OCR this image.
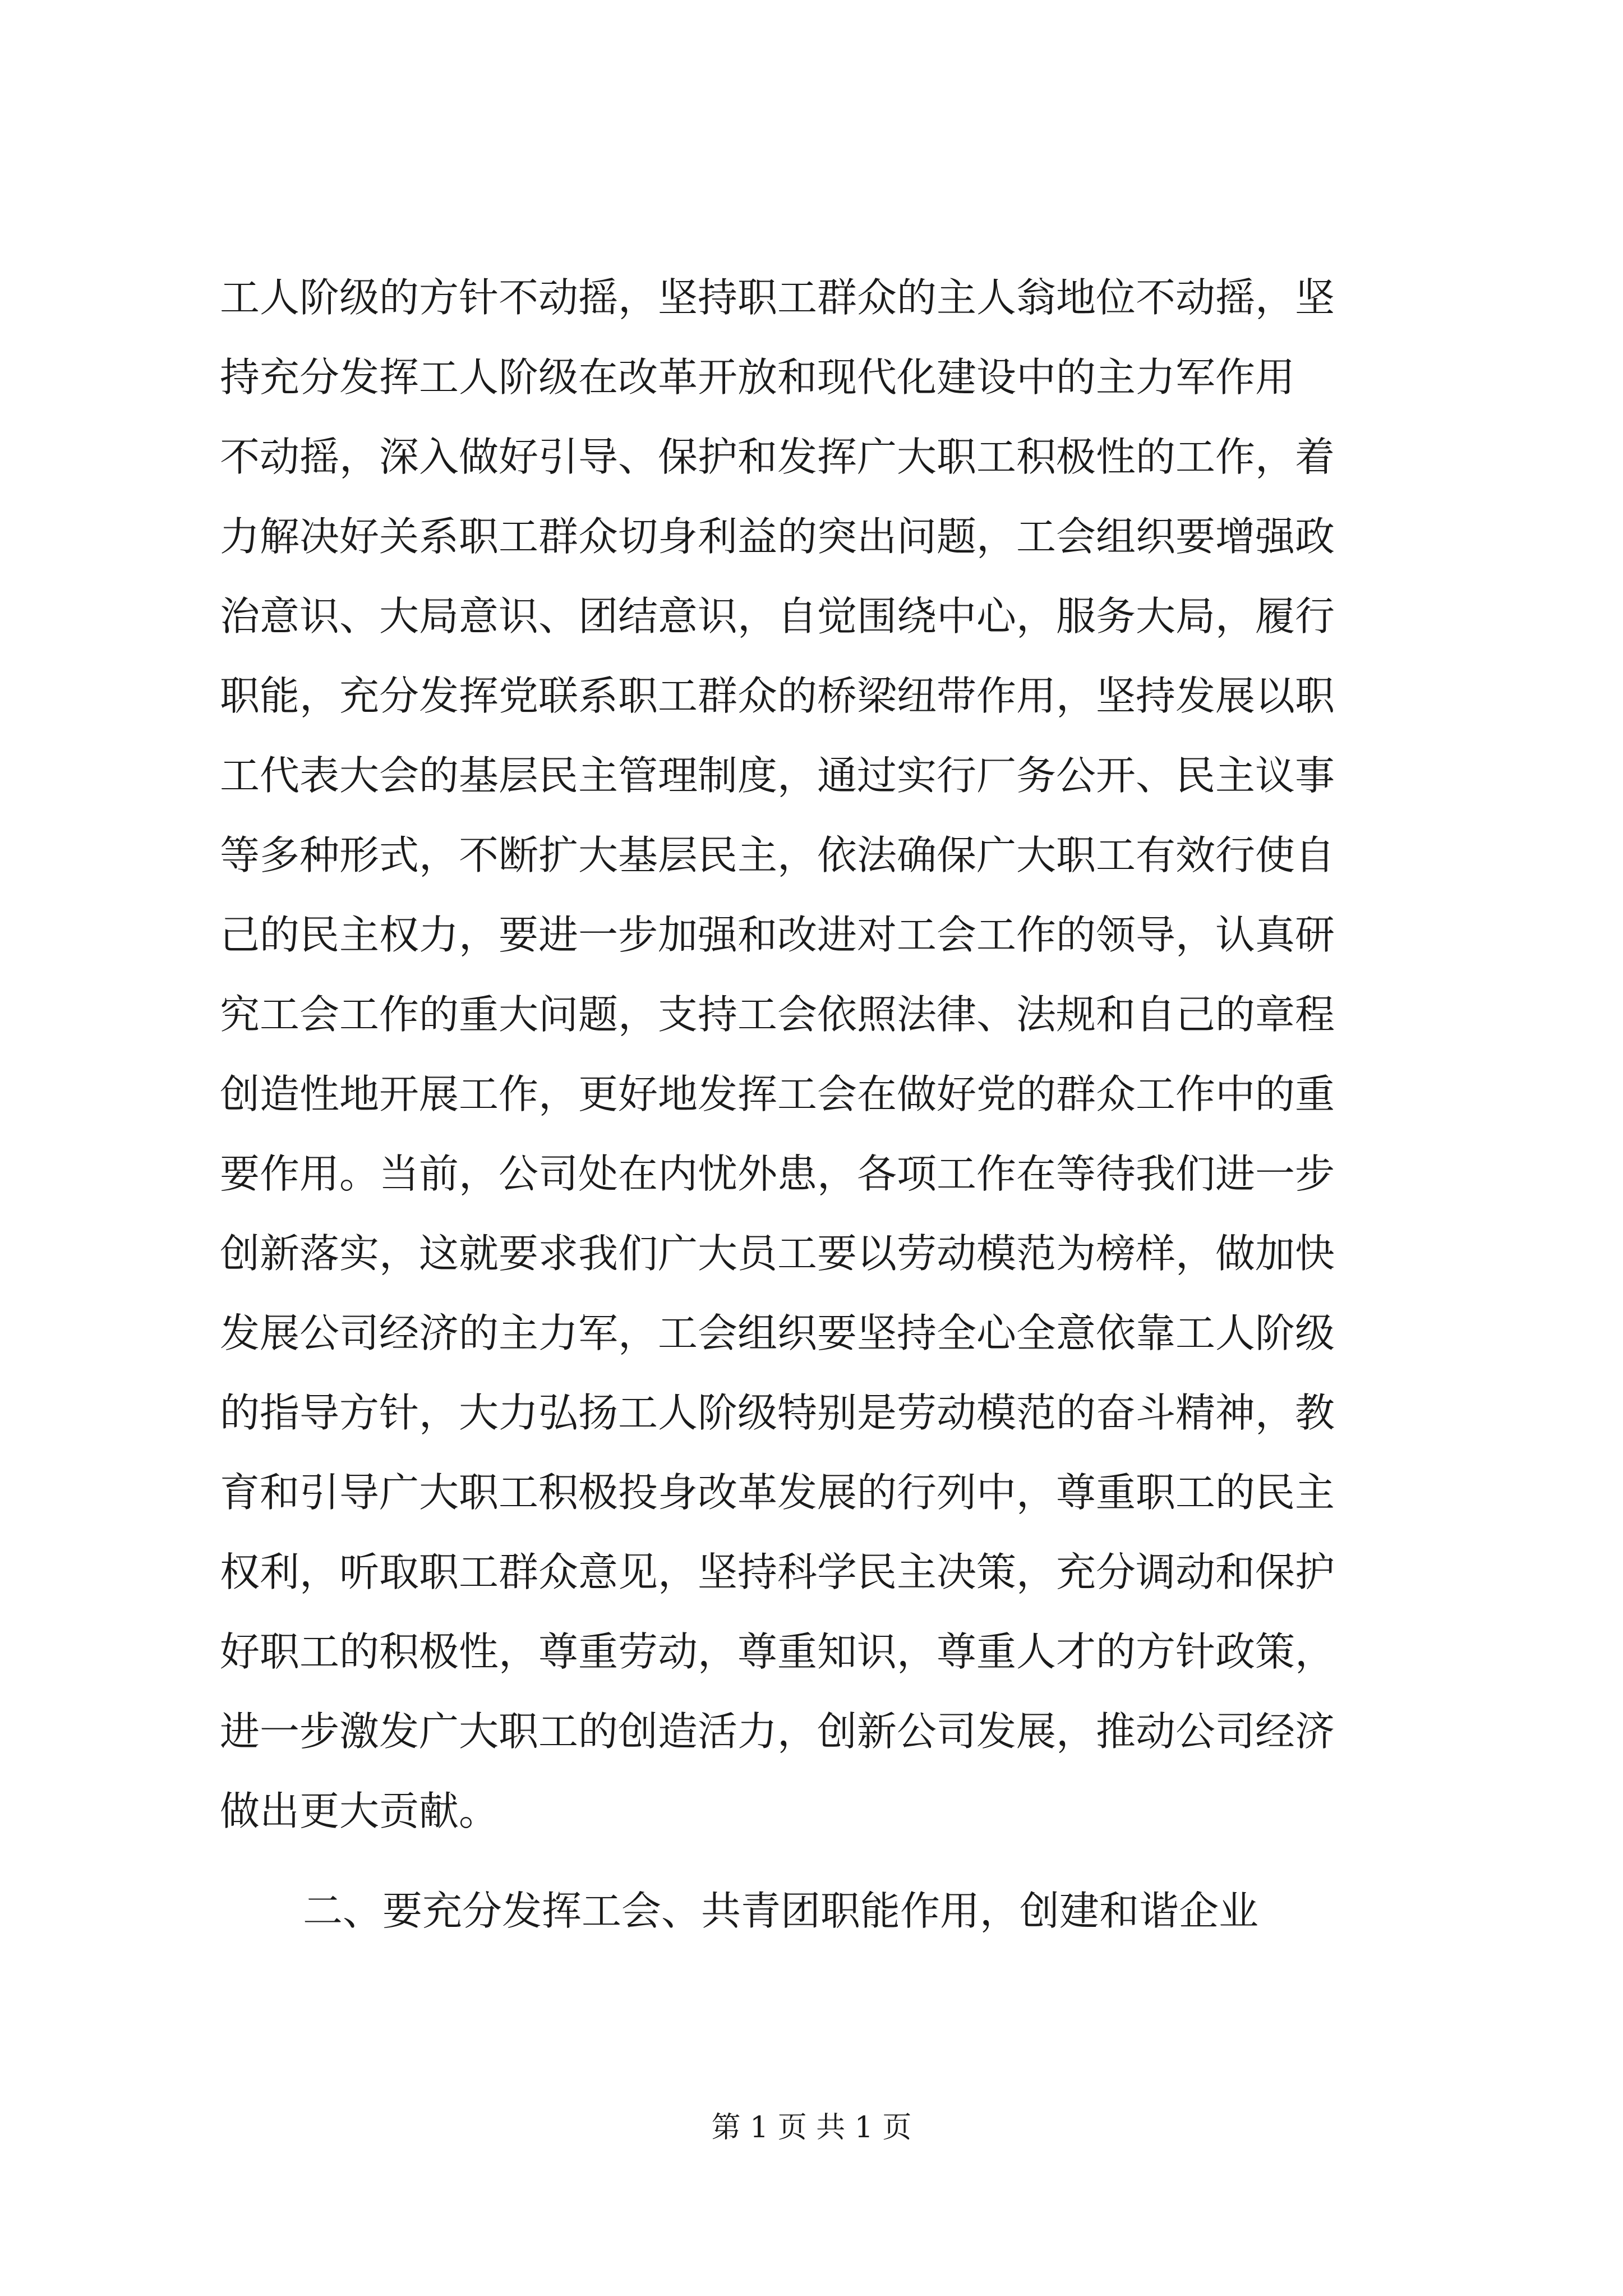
工人阶级的方针不动摇，坚持职工群众的主人翁地位不动摇，坚
持充分发挥工人阶级在改革开放和现代化建设中的主力军作用
不动摇，深入做好引导、保护和发挥广大职工积极性的工作，着
力解决好关系职工群众切身利益的突出问题，工会组织要增强政
治意识、大局意识、团结意识，自觉围绕中心，服务大局，履行
职能，充分发挥党联系职工群众的桥梁纽带作用，坚持发展以职
工代表大会的基层民主管理制度，通过实行厂务公开、民主议事
等多种形式，不断扩大基层民主，依法确保广大职工有效行使自
己的民主权力，要进一步加强和改进对工会工作的领导，认真研
究工会工作的重大问题，支持工会依照法律、法规和自己的章程
创造性地开展工作，更好地发挥工会在做好党的群众工作中的重
要作用。当前，公司处在内忧外患，各项工作在等待我们进一步
创新落实，这就要求我们广大员工要以劳动模范为榜样，做加快
发展公司经济的主力军，工会组织要坚持全心全意依靠工人阶级
的指导方针，大力弘扬工人阶级特别是劳动模范的奋斗精神，教
育和引导广大职工积极投身改革发展的行列中，尊重职工的民主
权利，听取职工群众意见，坚持科学民主决策，充分调动和保护
好职工的积极性，尊重劳动，尊重知识，尊重人才的方针政策，
进一步激发广大职工的创造活力，创新公司发展，推动公司经济
做出更大贡献。
二、要充分发挥工会、共青团职能作用，创建和谐企业
第 1 页 共 1 页
